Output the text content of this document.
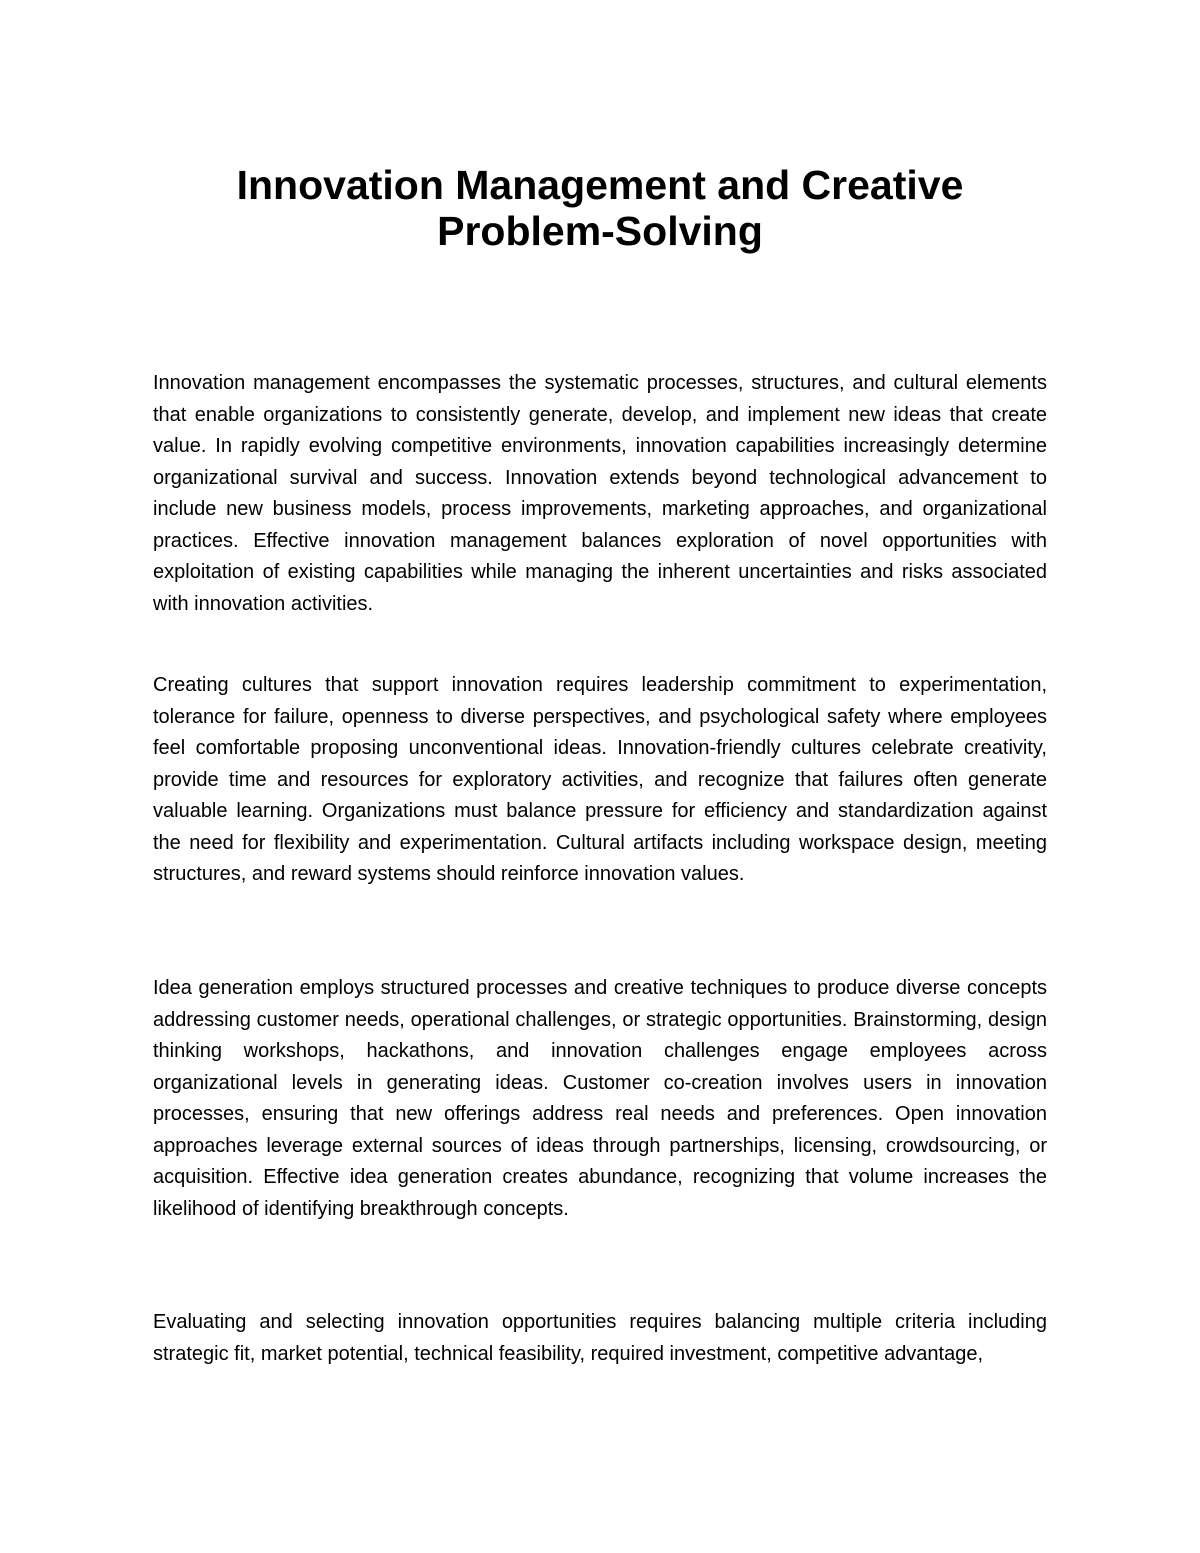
Innovation Management and Creative Problem-Solving

Innovation management encompasses the systematic processes, structures, and cultural elements that enable organizations to consistently generate, develop, and implement new ideas that create value. In rapidly evolving competitive environments, innovation capabilities increasingly determine organizational survival and success. Innovation extends beyond technological advancement to include new business models, process improvements, marketing approaches, and organizational practices. Effective innovation management balances exploration of novel opportunities with exploitation of existing capabilities while managing the inherent uncertainties and risks associated with innovation activities.

Creating cultures that support innovation requires leadership commitment to experimentation, tolerance for failure, openness to diverse perspectives, and psychological safety where employees feel comfortable proposing unconventional ideas. Innovation-friendly cultures celebrate creativity, provide time and resources for exploratory activities, and recognize that failures often generate valuable learning. Organizations must balance pressure for efficiency and standardization against the need for flexibility and experimentation. Cultural artifacts including workspace design, meeting structures, and reward systems should reinforce innovation values.

Idea generation employs structured processes and creative techniques to produce diverse concepts addressing customer needs, operational challenges, or strategic opportunities. Brainstorming, design thinking workshops, hackathons, and innovation challenges engage employees across organizational levels in generating ideas. Customer co-creation involves users in innovation processes, ensuring that new offerings address real needs and preferences. Open innovation approaches leverage external sources of ideas through partnerships, licensing, crowdsourcing, or acquisition. Effective idea generation creates abundance, recognizing that volume increases the likelihood of identifying breakthrough concepts.

Evaluating and selecting innovation opportunities requires balancing multiple criteria including strategic fit, market potential, technical feasibility, required investment, competitive advantage,
